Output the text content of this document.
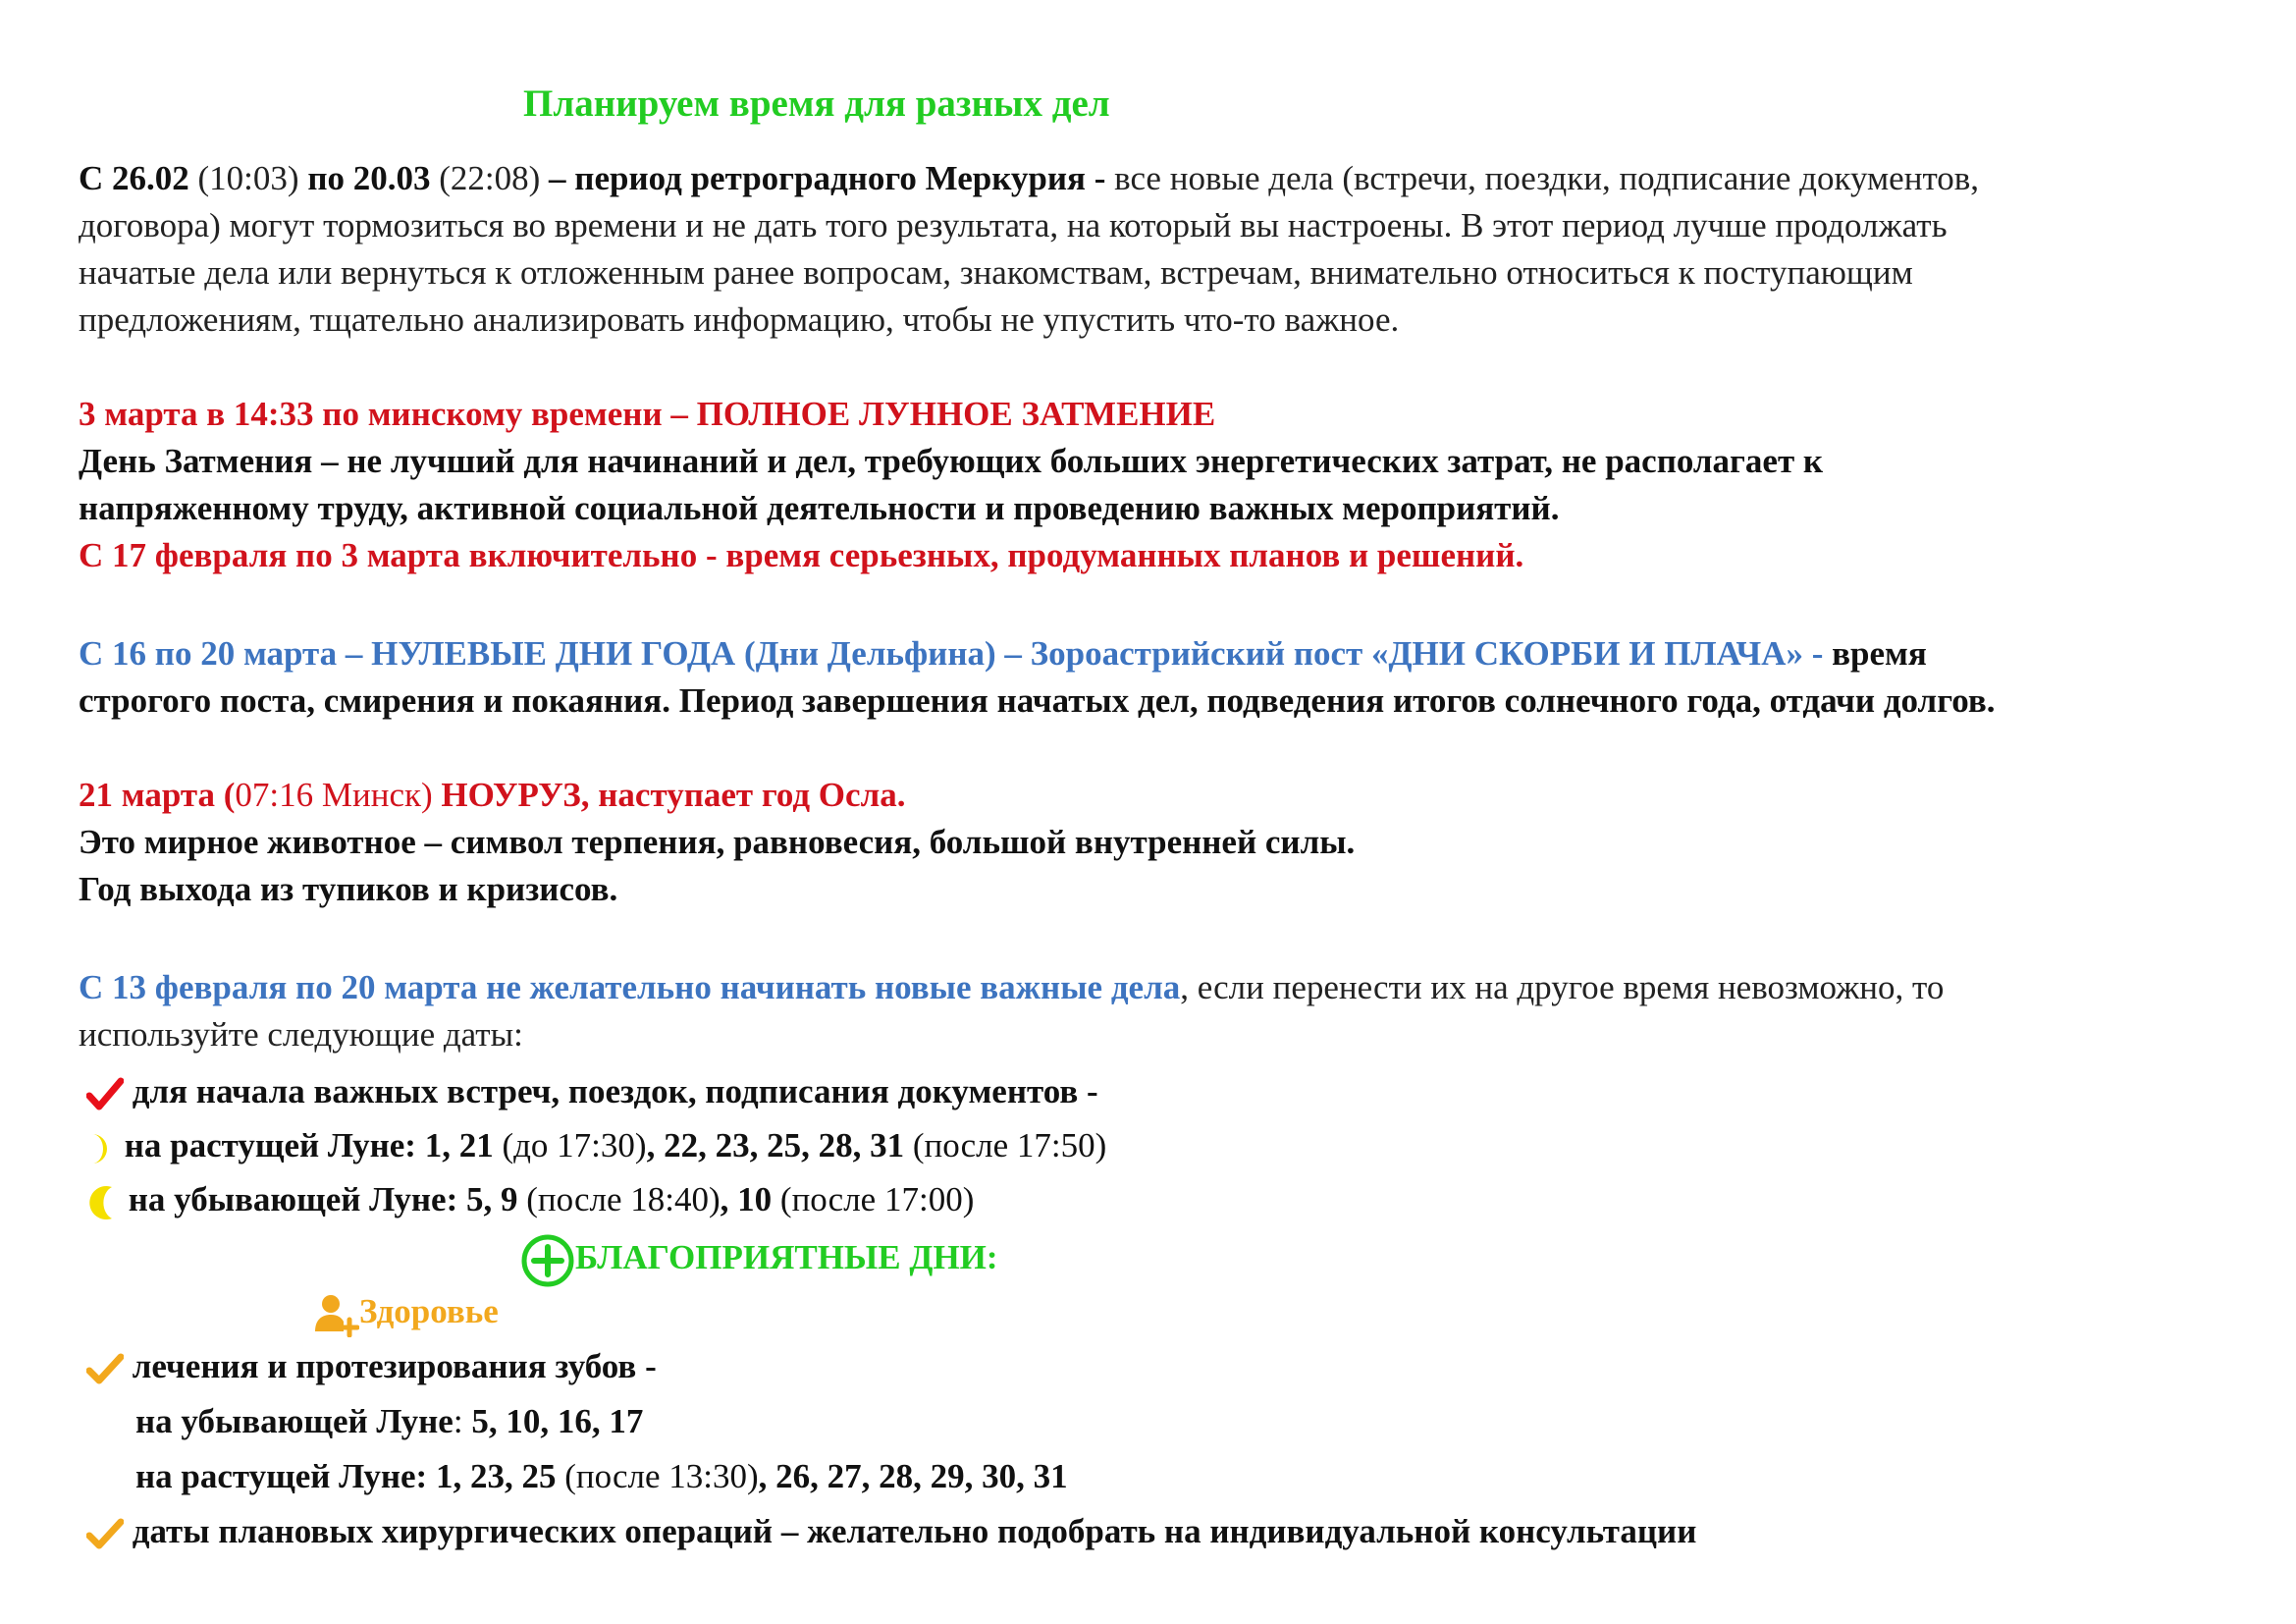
Планируем время для разных дел

С 26.02 (10:03) по 20.03 (22:08) – период ретроградного Меркурия - все новые дела (встречи, поездки, подписание документов,

договора) могут тормозиться во времени и не дать того результата, на который вы настроены. В этот период лучше продолжать

начатые дела или вернуться к отложенным ранее вопросам, знакомствам, встречам, внимательно относиться к поступающим

предложениям, тщательно анализировать информацию, чтобы не упустить что-то важное.

3 марта в 14:33 по минскому времени – ПОЛНОЕ ЛУННОЕ ЗАТМЕНИЕ

День Затмения – не лучший для начинаний и дел, требующих больших энергетических затрат, не располагает к

напряженному труду, активной социальной деятельности и проведению важных мероприятий.

С 17 февраля по 3 марта включительно - время серьезных, продуманных планов и решений.

С 16 по 20 марта – НУЛЕВЫЕ ДНИ ГОДА (Дни Дельфина) – Зороастрийский пост «ДНИ СКОРБИ И ПЛАЧА» - время

строгого поста, смирения и покаяния. Период завершения начатых дел, подведения итогов солнечного года, отдачи долгов.

21 марта (07:16 Минск) НОУРУЗ, наступает год Осла.

Это мирное животное – символ терпения, равновесия, большой внутренней силы.

Год выхода из тупиков и кризисов.

С 13 февраля по 20 марта не желательно начинать новые важные дела, если перенести их на другое время невозможно, то

используйте следующие даты:

для начала важных встреч, поездок, подписания документов -

на растущей Луне: 1, 21 (до 17:30), 22, 23, 25, 28, 31 (после 17:50)

на убывающей Луне: 5, 9 (после 18:40), 10 (после 17:00)

БЛАГОПРИЯТНЫЕ ДНИ:

Здоровье

лечения и протезирования зубов -

на убывающей Луне: 5, 10, 16, 17

на растущей Луне: 1, 23, 25 (после 13:30), 26, 27, 28, 29, 30, 31

даты плановых хирургических операций – желательно подобрать на индивидуальной консультации
